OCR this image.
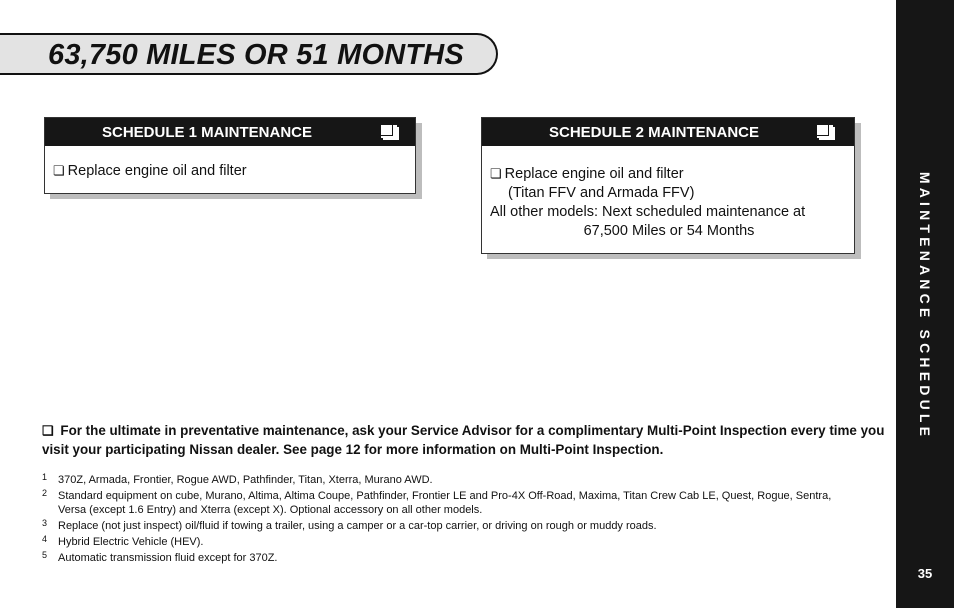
63,750 MILES OR 51 MONTHS
MAINTENANCE SCHEDULE
35
SCHEDULE 1 MAINTENANCE
❏ Replace engine oil and filter
SCHEDULE 2 MAINTENANCE
❏ Replace engine oil and filter
(Titan FFV and Armada FFV)
All other models: Next scheduled maintenance at
67,500 Miles or 54 Months

❏ For the ultimate in preventative maintenance, ask your Service Advisor for a complimentary Multi-Point Inspection every time you visit your participating Nissan dealer. See page 12 for more information on Multi-Point Inspection.

1 370Z, Armada, Frontier, Rogue AWD, Pathfinder, Titan, Xterra, Murano AWD.
2 Standard equipment on cube, Murano, Altima, Altima Coupe, Pathfinder, Frontier LE and Pro-4X Off-Road, Maxima, Titan Crew Cab LE, Quest, Rogue, Sentra, Versa (except 1.6 Entry) and Xterra (except X). Optional accessory on all other models.
3 Replace (not just inspect) oil/fluid if towing a trailer, using a camper or a car-top carrier, or driving on rough or muddy roads.
4 Hybrid Electric Vehicle (HEV).
5 Automatic transmission fluid except for 370Z.
